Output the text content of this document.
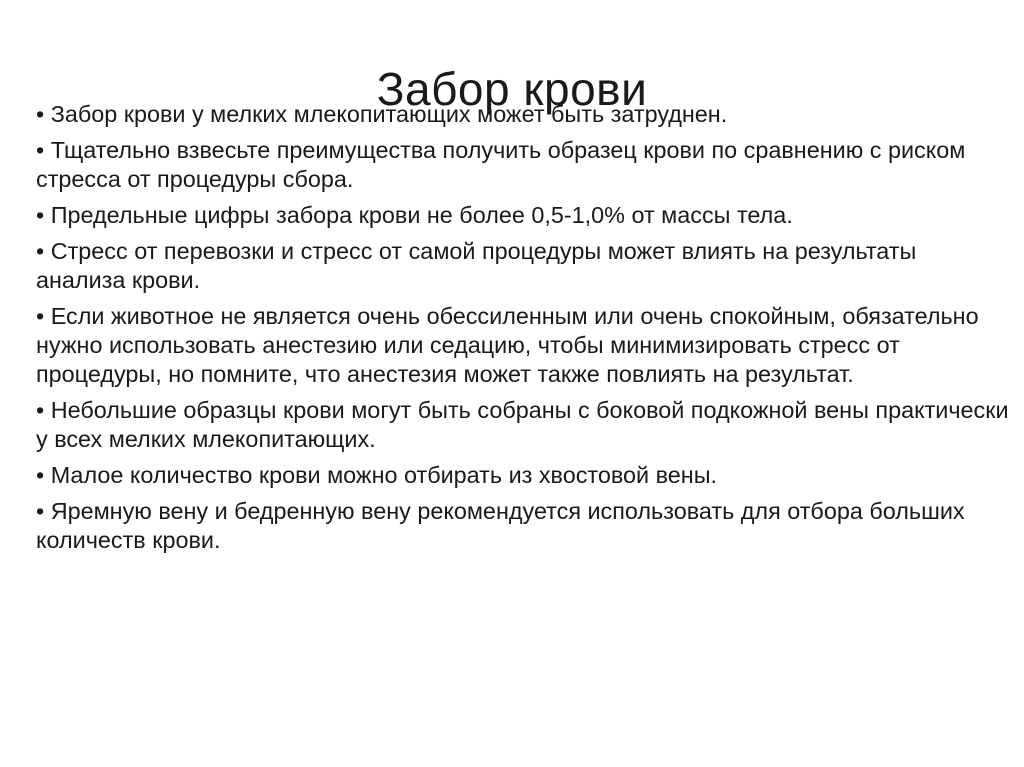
Забор крови
• Забор крови у мелких млекопитающих может быть затруднен.
• Тщательно взвесьте преимущества получить образец крови по сравнению с риском стресса от процедуры сбора.
• Предельные цифры забора крови не более 0,5-1,0% от массы тела.
• Стресс от перевозки и стресс от самой процедуры может влиять на результаты анализа крови.
• Если животное не является очень обессиленным или очень спокойным, обязательно нужно использовать анестезию или седацию, чтобы минимизировать стресс от процедуры, но помните, что анестезия может также повлиять на результат.
• Небольшие образцы крови могут быть собраны с боковой подкожной вены практически у всех мелких млекопитающих.
• Малое количество крови можно отбирать из хвостовой вены.
• Яремную вену и бедренную вену рекомендуется использовать для отбора больших количеств крови.
